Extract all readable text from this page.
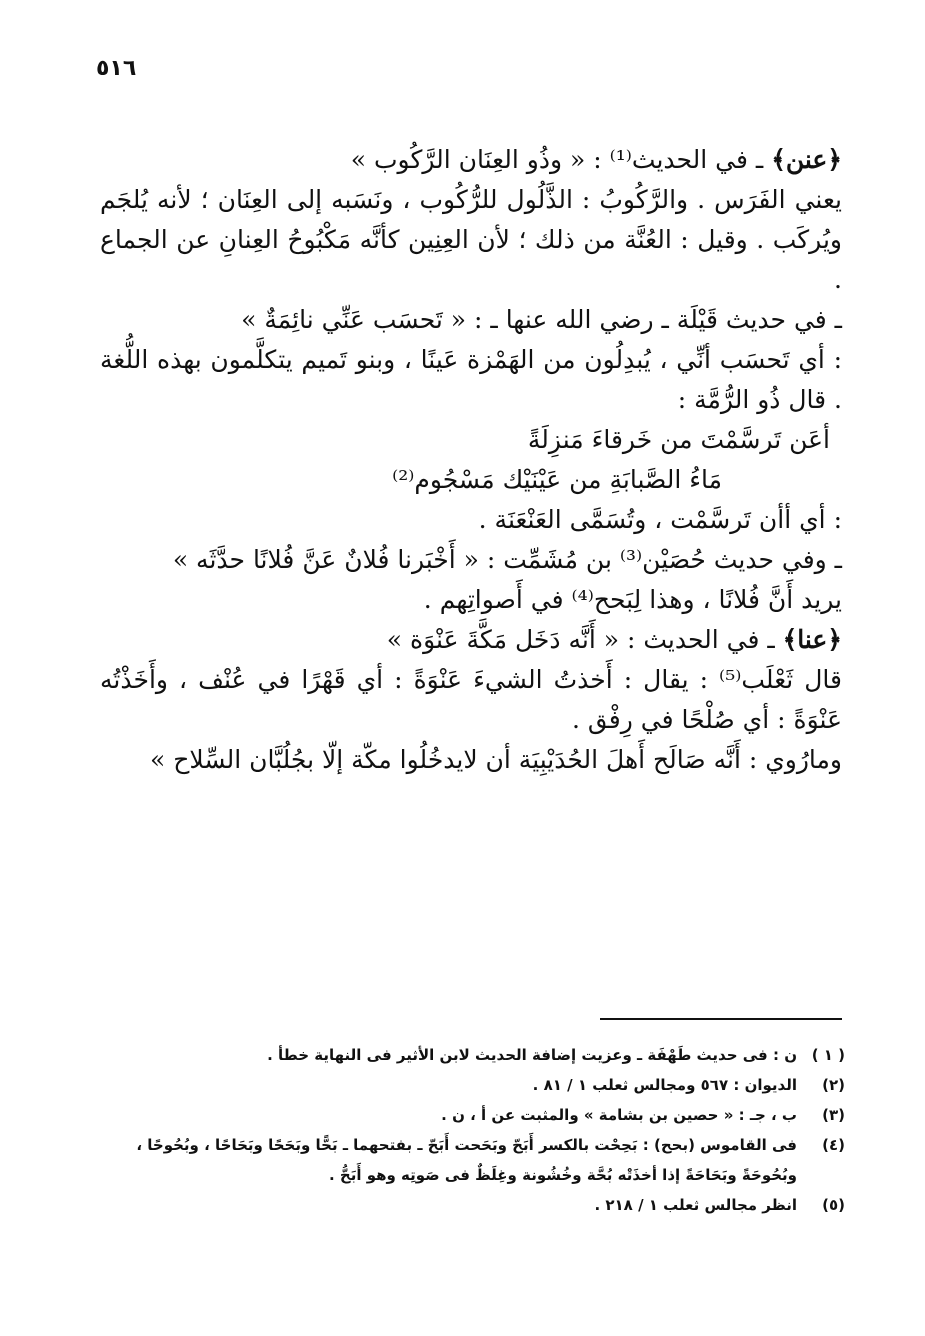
٥١٦

﴿عنن﴾ ـ في الحديث⁽¹⁾ : « وذُو العِنَان الرَّكُوب »

يعني الفَرَس . والرَّكُوبُ : الذَّلُول للرُّكُوب ، ونَسَبه إلى العِنَان ؛ لأنه يُلجَم ويُركَب . وقيل : العُنَّة من ذلك ؛ لأن العِنِين كأنَّه مَكْبُوحُ العِنانِ عن الجماع .

ـ في حديث قَيْلَة ـ رضي الله عنها ـ : « تَحسَب عَنِّي نائِمَةٌ »

: أي تَحسَب أنِّي ، يُبدِلُون من الهَمْزة عَينًا ، وبنو تَميم يتكلَّمون بهذه اللُّغة . قال ذُو الرُّمَّة :

أعَن تَرسَّمْتَ من خَرقاءَ مَنزِلَةً

مَاءُ الصَّبابَةِ من عَيْنَيْك مَسْجُوم⁽²⁾

: أي أأن تَرسَّمْت ، وتُسَمَّى العَنْعَنَة .

ـ وفي حديث حُصَيْن⁽³⁾ بن مُشَمِّت : « أَخْبَرنا فُلانٌ عَنَّ فُلانًا حدَّثَه »

يريد أَنَّ فُلانًا ، وهذا لِبَحح⁽⁴⁾ في أَصواتِهم .

﴿عنا﴾ ـ في الحديث : « أَنَّه دَخَل مَكَّةَ عَنْوَة »

قال ثَعْلَب⁽⁵⁾ : يقال : أَخذتُ الشيءَ عَنْوَةً : أي قَهْرًا في عُنْف ، وأَخَذْتُه عَنْوَةً : أي صُلْحًا في رِفْق .

ومارُوي : أَنَّه صَالَح أَهلَ الحُدَيْبِيَة أن لايدخُلُوا مكّة إلّا بجُلُبَّان السِّلاح »

( ١ )
ن : فى حديث طَهْفَة ـ وعزيت إضافة الحديث لابن الأثير فى النهاية خطأ .

(٢)
الديوان : ٥٦٧ ومجالس ثعلب ١ / ٨١ .

(٣)
ب ، جـ : « حصين بن بشامة » والمثبت عن أ ، ن .

(٤)
فى القاموس (بحح) : بَحِحْت بالكسر أَبَحّ وبَحَحت أَبَحّ ـ بفتحهما ـ بَحًّا وبَحَحًا وبَحَاحًا ، وبُحُوحًا ، وبُحُوحَةً وبَحَاحَةً إذا أخذَتْه بُحَّة وخُشُونة وغِلَظٌ فى صَوتِه وهو أَبَحُّ .

(٥)
انظر مجالس ثعلب ١ / ٢١٨ .
